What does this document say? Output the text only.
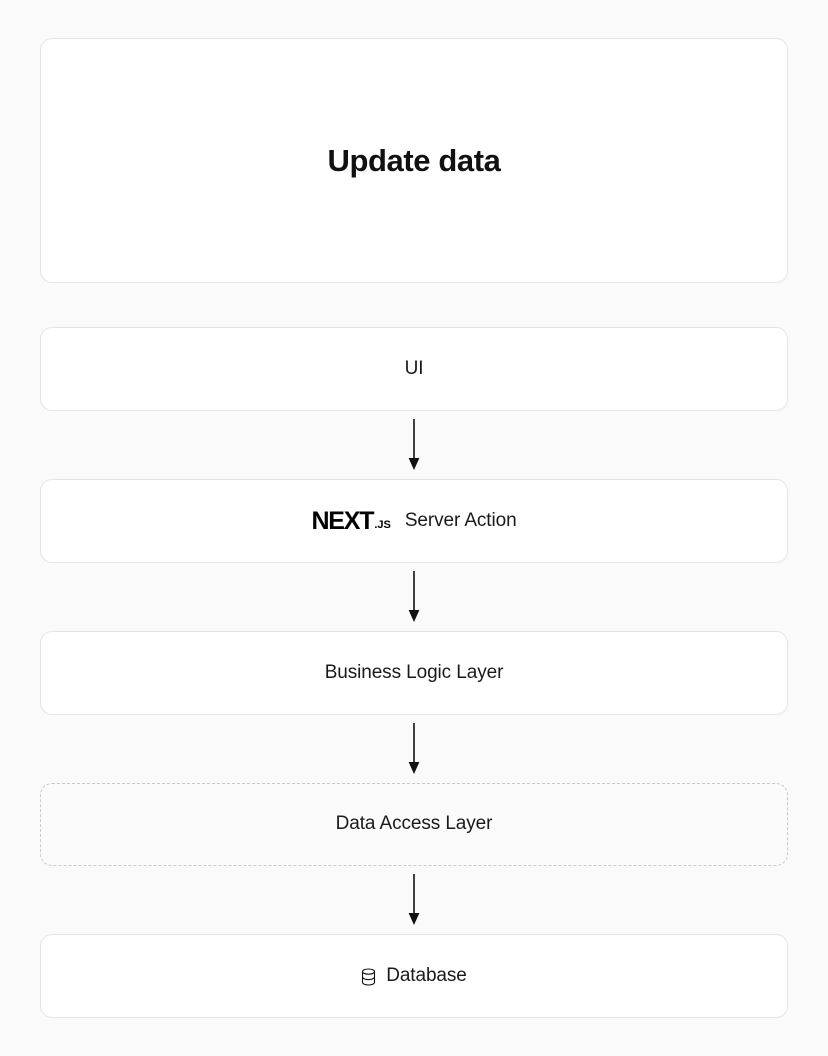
Update data
UI
NEXT .JS Server Action
Business Logic Layer
Data Access Layer
Database
